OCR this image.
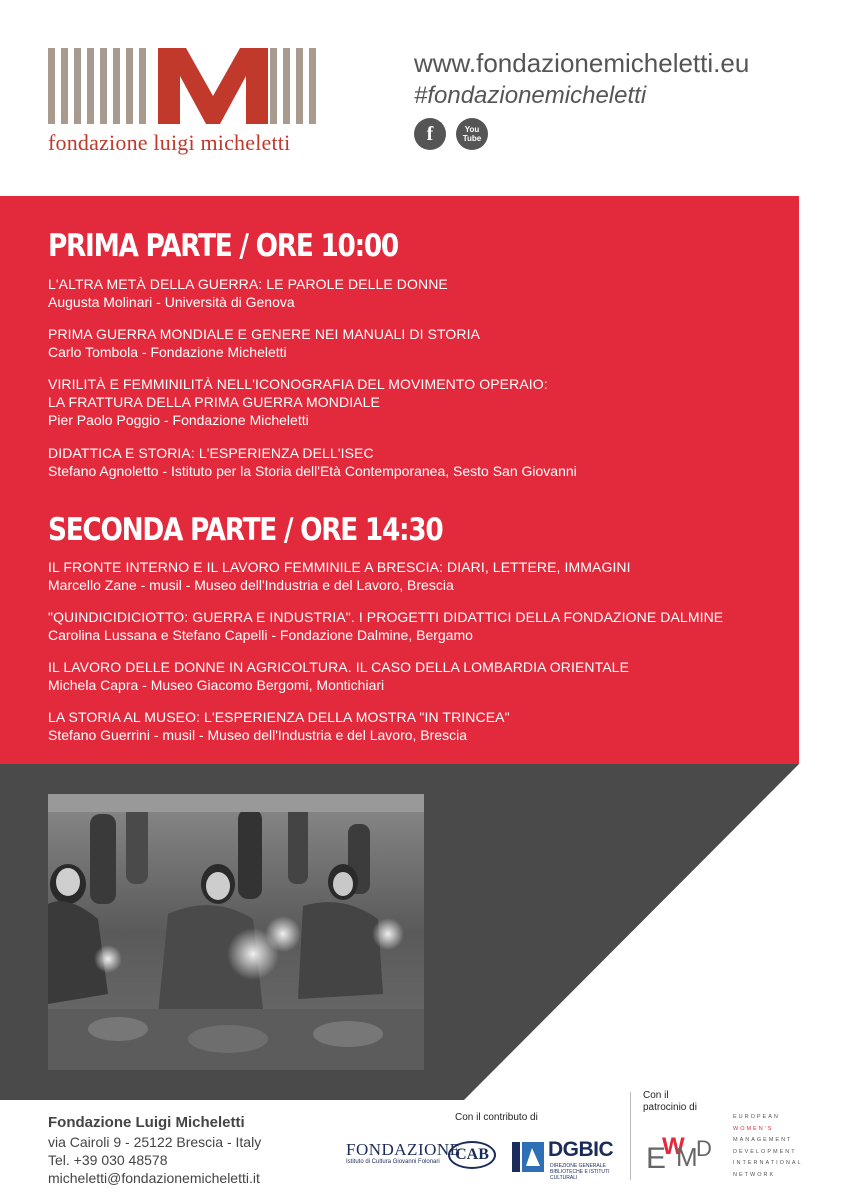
fondazione luigi micheletti
www.fondazionemicheletti.eu
#fondazionemicheletti
f	You
Tube
PRIMA PARTE / ORE 10:00
L'ALTRA METÀ DELLA GUERRA: LE PAROLE DELLE DONNE
Augusta Molinari - Università di Genova
PRIMA GUERRA MONDIALE E GENERE NEI MANUALI DI STORIA
Carlo Tombola - Fondazione Micheletti
VIRILITÀ E FEMMINILITÀ NELL'ICONOGRAFIA DEL MOVIMENTO OPERAIO:
LA FRATTURA DELLA PRIMA GUERRA MONDIALE
Pier Paolo Poggio - Fondazione Micheletti
DIDATTICA E STORIA: L'ESPERIENZA DELL'ISEC
Stefano Agnoletto - Istituto per la Storia dell'Età Contemporanea, Sesto San Giovanni
SECONDA PARTE / ORE 14:30
IL FRONTE INTERNO E IL LAVORO FEMMINILE A BRESCIA: DIARI, LETTERE, IMMAGINI
Marcello Zane - musil - Museo dell'Industria e del Lavoro, Brescia
"QUINDICIDICIOTTO: GUERRA E INDUSTRIA". I PROGETTI DIDATTICI DELLA FONDAZIONE DALMINE
Carolina Lussana e Stefano Capelli - Fondazione Dalmine, Bergamo
IL LAVORO DELLE DONNE IN AGRICOLTURA. IL CASO DELLA LOMBARDIA ORIENTALE
Michela Capra - Museo Giacomo Bergomi, Montichiari
LA STORIA AL MUSEO: L'ESPERIENZA DELLA MOSTRA "IN TRINCEA"
Stefano Guerrini - musil - Museo dell'Industria e del Lavoro, Brescia
Fondazione Luigi Micheletti
via Cairoli 9 - 25122 Brescia - Italy
Tel. +39 030 48578
micheletti@fondazionemicheletti.it
Con il contributo di
FONDAZIONE
Istituto di Cultura Giovanni Folonari CAB	DGBIC
DIREZIONE GENERALE BIBLIOTECHE E ISTITUTI CULTURALI
Con il
patrocinio di
E
W
M
D
EUROPEAN
WOMEN'S
MANAGEMENT
DEVELOPMENT
INTERNATIONAL
NETWORK
